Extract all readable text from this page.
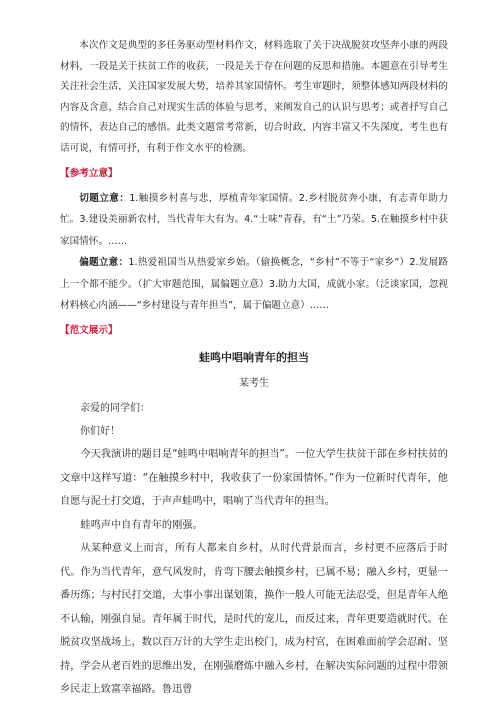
本次作文是典型的多任务驱动型材料作文，材料选取了关于决战脱贫攻坚奔小康的两段材料，一段是关于扶贫工作的收获，一段是关于存在问题的反思和措施。本题意在引导考生关注社会生活，关注国家发展大势，培养其家国情怀。考生审题时，须整体感知两段材料的内容及含意，结合自己对现实生活的体验与思考，来阐发自己的认识与思考；或者抒写自己的情怀，表达自己的感悟。此类文题常考常新，切合时政，内容丰富又不失深度，考生也有话可说，有情可抒，有利于作文水平的检测。

【参考立意】

切题立意：1.触摸乡村喜与悲，厚植青年家国情。2.乡村脱贫奔小康，有志青年助力忙。3.建设美丽新农村，当代青年大有为。4.“土味”青春，有“土”乃荣。5.在触摸乡村中获家国情怀。……

偏题立意：1.热爱祖国当从热爱家乡始。（偷换概念，“乡村”不等于“家乡”）2.发展路上一个都不能少。（扩大审题范围，属偏题立意）3.助力大国，成就小家。（泛谈家国，忽视材料核心内涵——“乡村建设与青年担当”，属于偏题立意）……

【范文展示】
蛙鸣中唱响青年的担当
某考生

亲爱的同学们：

你们好！

今天我演讲的题目是“蛙鸣中唱响青年的担当”。一位大学生扶贫干部在乡村扶贫的文章中这样写道：“在触摸乡村中，我收获了一份家国情怀。”作为一位新时代青年，他自愿与泥土打交道，于声声蛙鸣中，唱响了当代青年的担当。

蛙鸣声中自有青年的刚强。

从某种意义上而言，所有人都来自乡村，从时代背景而言，乡村更不应落后于时代。作为当代青年，意气风发时，肯弯下腰去触摸乡村，已属不易；融入乡村，更显一番历练；与村民打交道，大事小事出谋划策，换作一般人可能无法忍受，但是青年人绝不认输，刚强自显。青年属于时代，是时代的宠儿，而反过来，青年更要造就时代。在脱贫攻坚战场上，数以百万计的大学生走出校门，成为村官，在困难面前学会忍耐、坚持，学会从老百姓的思维出发，在刚强磨炼中融入乡村，在解决实际问题的过程中带领乡民走上致富幸福路。鲁迅曾
